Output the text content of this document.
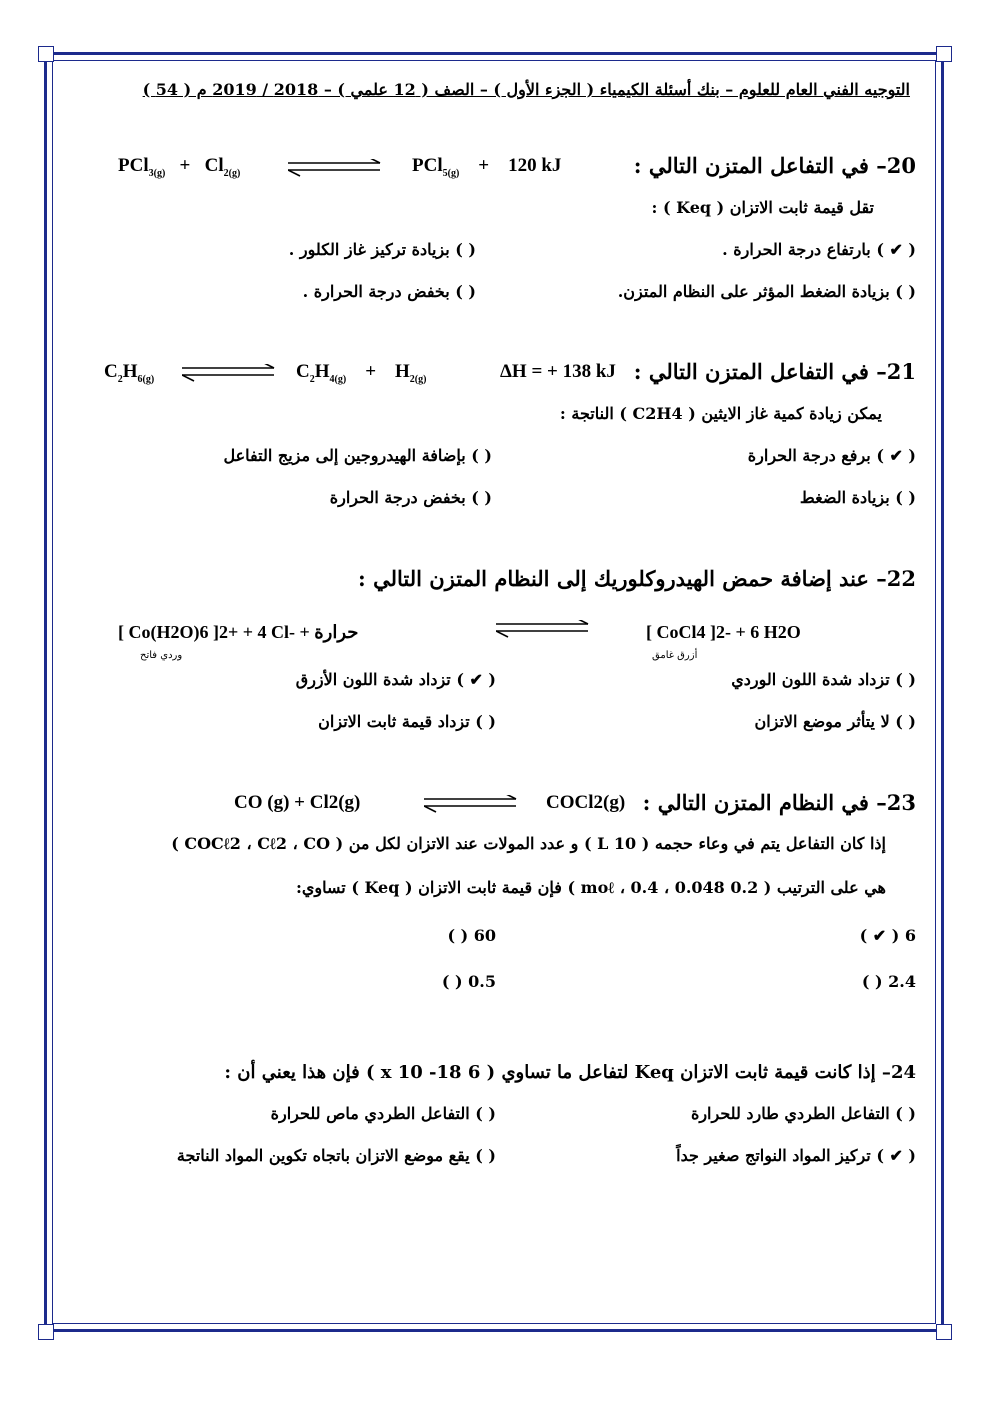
التوجيه الفني العام للعلوم – بنك أسئلة الكيمياء ( الجزء الأول ) – الصف ( 12 علمي ) – 2018 / 2019 م ( 54 )
20– في التفاعل المتزن التالي :
$PCl_{3(g)} + Cl_{2(g)}$	PCl$_{5(g)}$ + 120 kJ
تقل قيمة ثابت الاتزان ( Keq ) :
( ✔ ) بارتفاع درجة الحرارة .
( ) بزيادة تركيز غاز الكلور .
( ) بزيادة الضغط المؤثر على النظام المتزن.
( ) بخفض درجة الحرارة .
21– في التفاعل المتزن التالي :
$C_2H_{6(g)}$	$C_2H_{4(g)} + H_{2(g)}$	ΔH = + 138 kJ
يمكن زيادة كمية غاز الايثين ( C2H4 ) الناتجة :
( ✔ ) برفع درجة الحرارة
( ) بإضافة الهيدروجين إلى مزيج التفاعل
( ) بزيادة الضغط
( ) بخفض درجة الحرارة
22– عند إضافة حمض الهيدروكلوريك إلى النظام المتزن التالي :
[ Co(H2O)6 ]2+ + 4 Cl- + حرارة
وردي فاتح
[ CoCl4 ]2- + 6 H2O
أزرق غامق
( ) تزداد شدة اللون الوردي
( ✔ ) تزداد شدة اللون الأزرق
( ) لا يتأثر موضع الاتزان
( ) تزداد قيمة ثابت الاتزان
23– في النظام المتزن التالي :
CO (g) + Cl2(g)	COCl2(g)
إذا كان التفاعل يتم في وعاء حجمه ( 10 L ) و عدد المولات عند الاتزان لكل من ( COCℓ2 ، Cℓ2 ، CO )
هي على الترتيب ( 0.2 moℓ ، 0.4 ، 0.048 ) فإن قيمة ثابت الاتزان ( Keq ) تساوي:
( ✔ ) 6
( ) 60
( ) 2.4
( ) 0.5
24– إذا كانت قيمة ثابت الاتزان Keq لتفاعل ما تساوي ( 6 x 10 -18 ) فإن هذا يعني أن :
( ) التفاعل الطردي طارد للحرارة
( ) التفاعل الطردي ماص للحرارة
( ✔ ) تركيز المواد النواتج صغير جداً
( ) يقع موضع الاتزان باتجاه تكوين المواد الناتجة
